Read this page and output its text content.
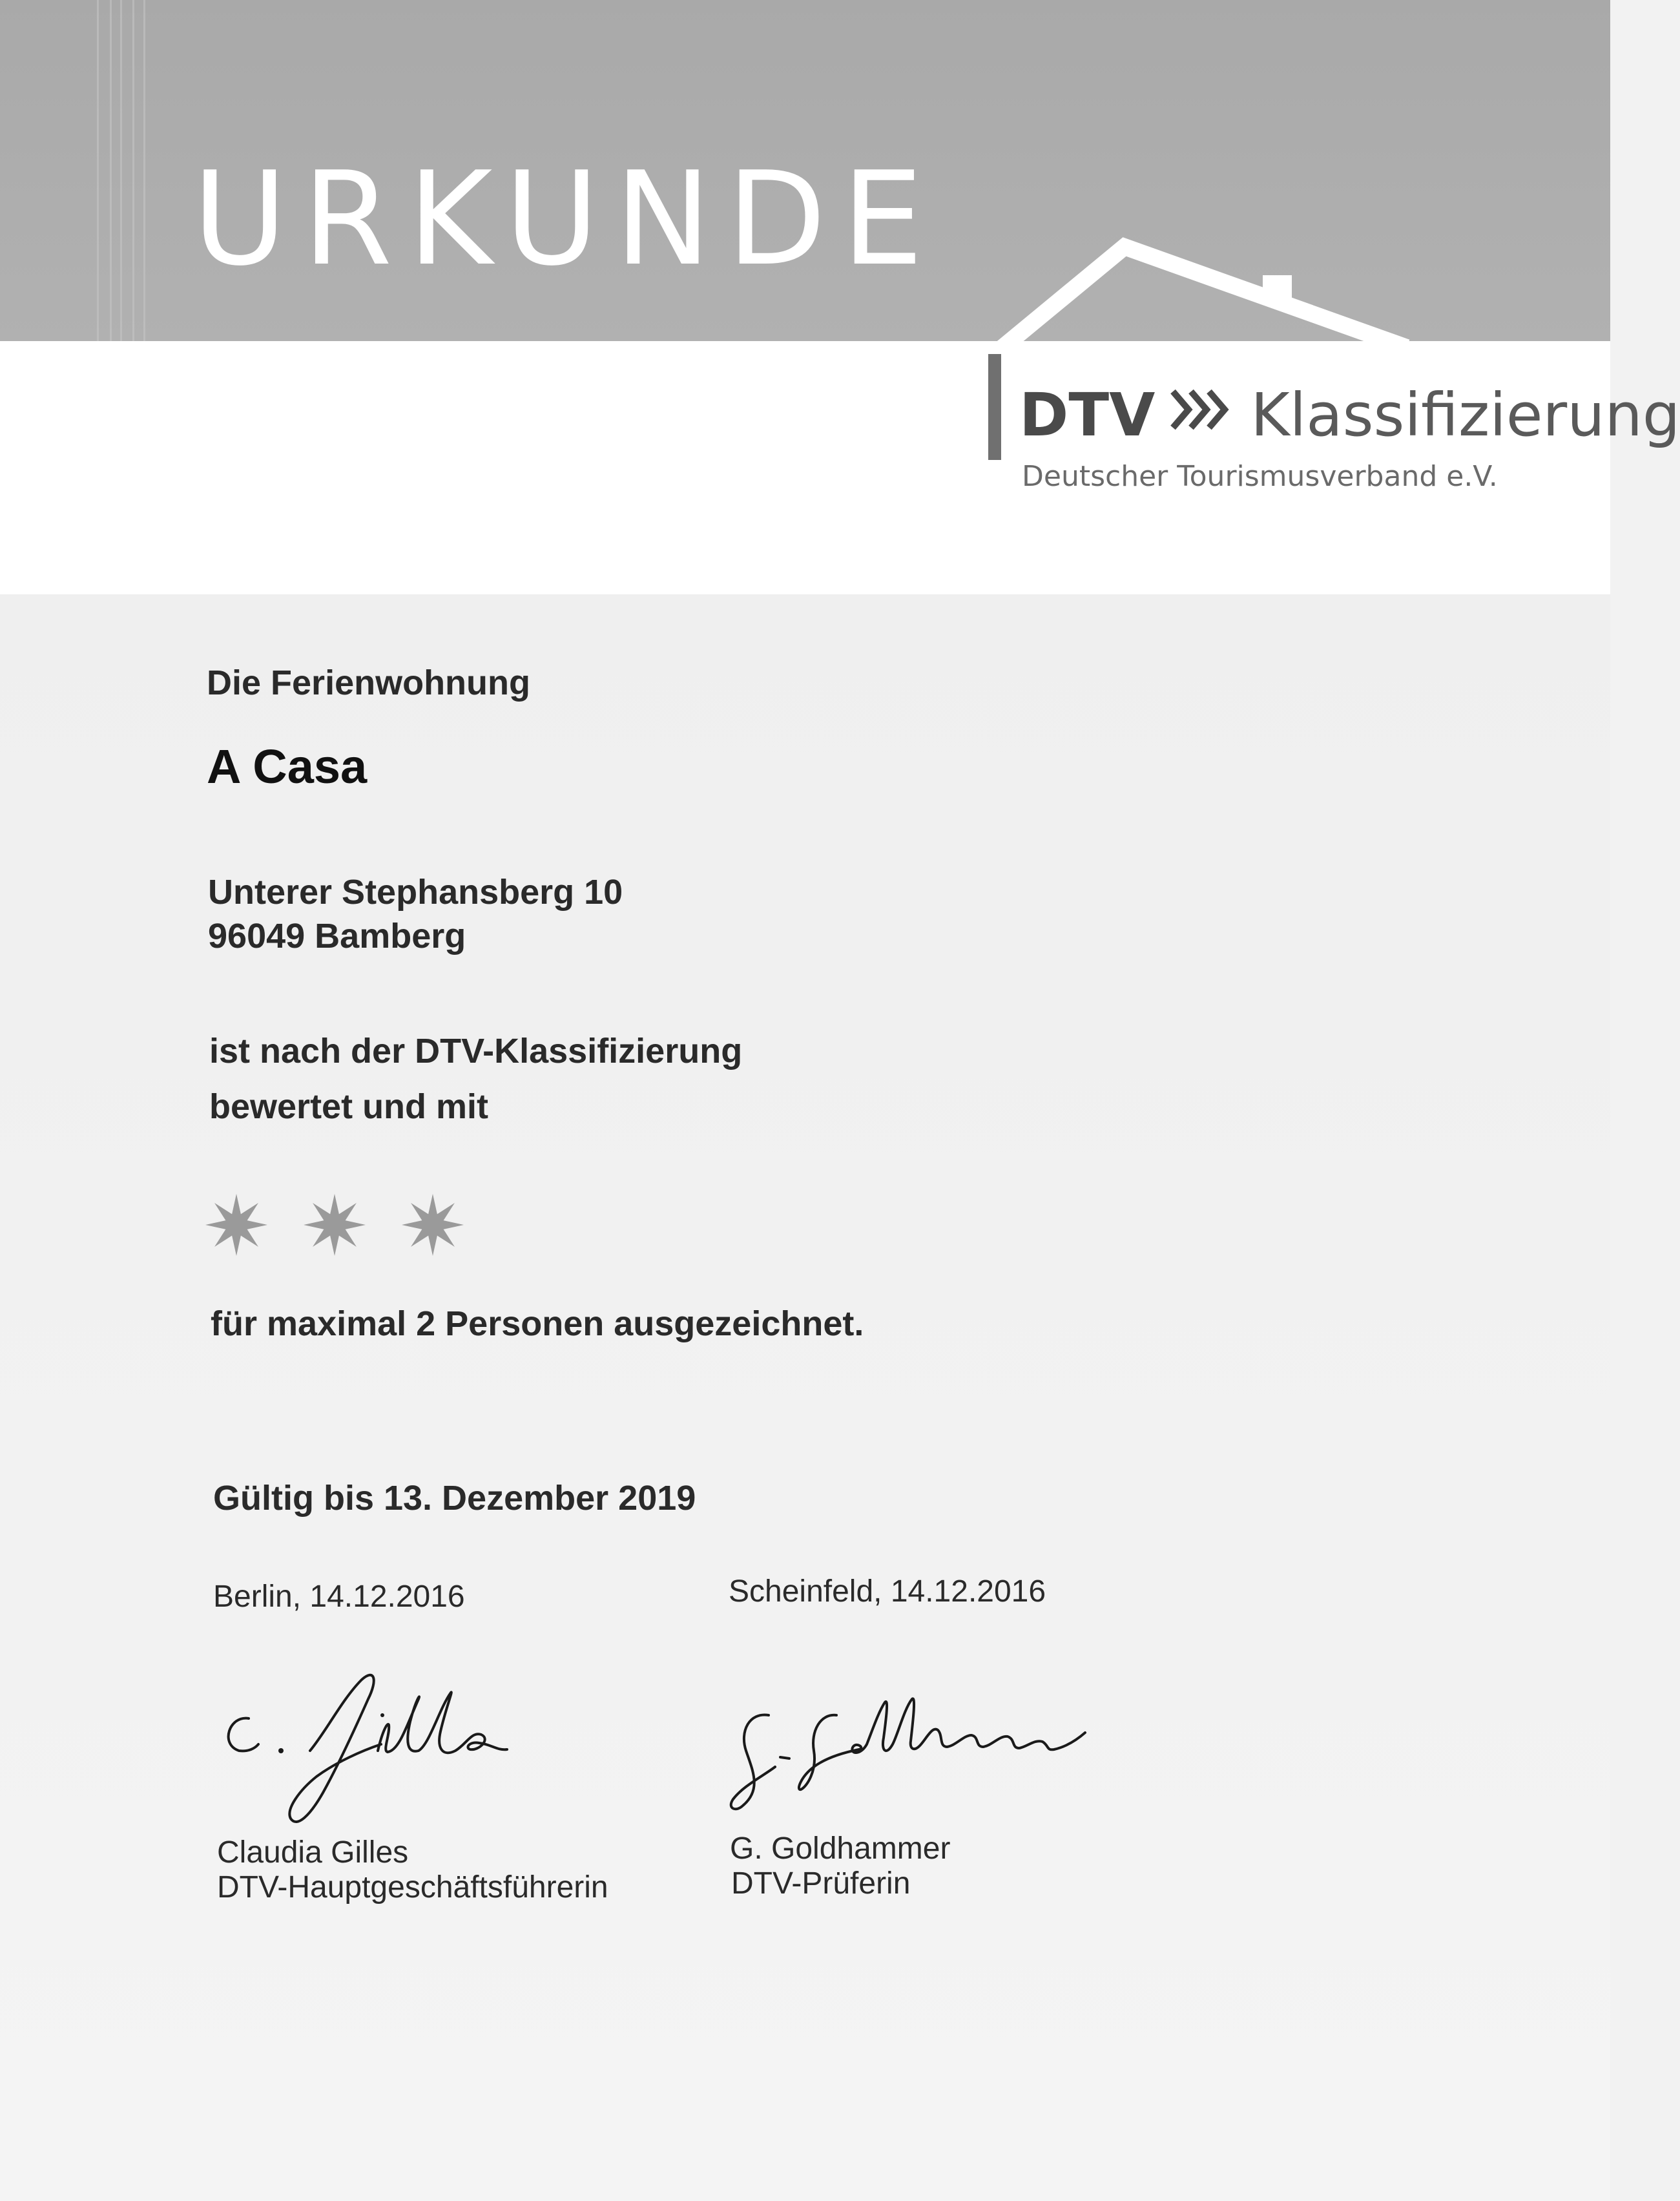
URKUNDE
DTV Klassifizierung
Deutscher Tourismusverband e.V.
Die Ferienwohnung
A Casa
Unterer Stephansberg 10
96049 Bamberg
ist nach der DTV-Klassifizierung
bewertet und mit
für maximal 2 Personen ausgezeichnet.
Gültig bis 13. Dezember 2019
Berlin, 14.12.2016	Scheinfeld, 14.12.2016
Claudia Gilles
DTV-Hauptgeschäftsführerin
G. Goldhammer
DTV-Prüferin
